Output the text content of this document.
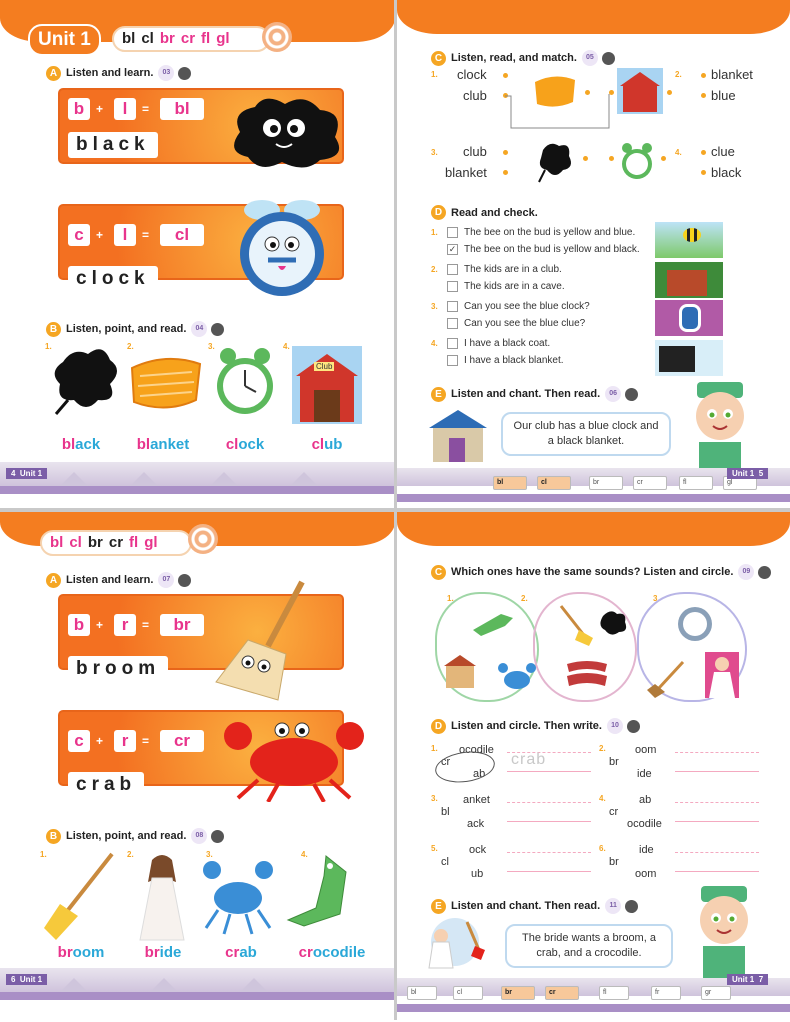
Unit 1	bl cl br cr fl gl
A Listen and learn.	03
b +	l	=	bl
black
c	+	l	=	cl
clock
B Listen, point, and read.	04
1.	2.	3.	4.
Club
black	blanket	clock	club
4 Unit 1
C Listen, read, and match.	05
1. clock
club
2. blanket
blue
3. club
blanket
4. clue
black
D Read and check.
1.	The bee on the bud is yellow and blue.
✓ The bee on the bud is yellow and black.
2.	The kids are in a club.
The kids are in a cave.
3.	Can you see the blue clock?
Can you see the blue clue?
4.	I have a black coat.
I have a black blanket.
E Listen and chant. Then read.	06
Our club has a blue clock and a black blanket.
bl	cl	br	cr	fl	gl
Unit 1 5
bl cl br cr fl gl
A Listen and learn.	07
b +	r	=	br
broom
c	+	r	=	cr
crab
B Listen, point, and read.	08
1.	2.	3.	4.
broom	bride	crab	crocodile
6 Unit 1
C Which ones have the same sounds? Listen and circle.	09
1.	2.	3.
D Listen and circle. Then write.	10
1. ocodile
cr
ab
crab
2.	oom
br
ide
3. anket
bl
ack
4.	ab
cr
ocodile
5.	ock
cl
ub
6.	ide
br
oom
E Listen and chant. Then read.	11
The bride wants a broom, a crab, and a crocodile.
bl	cl	br	cr	fl	fr	gr
Unit 1 7
